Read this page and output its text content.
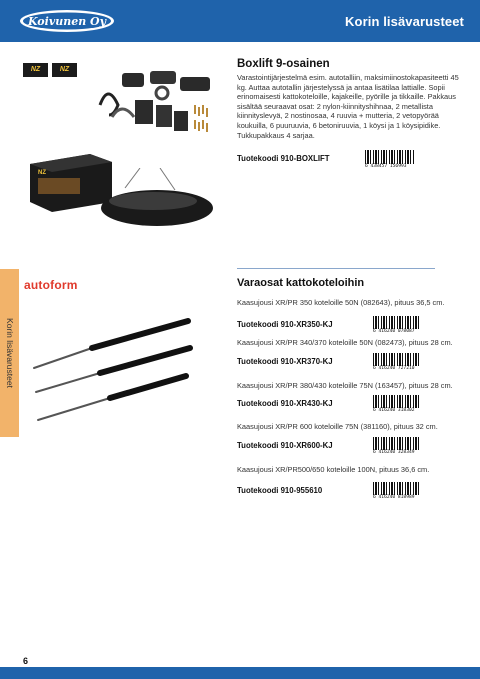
Koivunen Oy	Korin lisävarusteet
Korin lisävarusteet
NZ	NZ
NZ
Boxlift 9-osainen
Varastointijärjestelmä esim. autotalliin, maksimiinostokapasiteetti 45 kg. Auttaa autotallin järjestelyssä ja antaa lisätilaa lattialle. Sopii erinomaisesti kattokoteloille, kajakeille, pyörille ja tikkaille. Pakkaus sisältää seuraavat osat: 2 nylon-kiinnityshihnaa, 2 metallista kiinnityslevyä, 2 nostinosaa, 4 ruuvia + mutteria, 2 vetopyörää koukuilla, 6 puuruuvia, 6 betoniruuvia, 1 köysi ja 1 köysipidike. Tukkupakkaus 4 sarjaa.
Tuotekoodi 910-BOXLIFT
6 438457 156993
autoform	Varaosat kattokoteloihin
Kaasujousi XR/PR 350 koteloille 50N (082643), pituus 36,5 cm.
Tuotekoodi 910-XR350-KJ
6 416240 078087
Kaasujousi XR/PR 340/370 koteloille 50N (082473), pituus 28 cm.
Tuotekoodi 910-XR370-KJ
6 416240 727210
Kaasujousi XR/PR 380/430 koteloille 75N (163457), pituus 28 cm.
Tuotekoodi 910-XR430-KJ
6 416240 318302
Kaasujousi XR/PR 600 koteloille 75N (381160), pituus 32 cm.
Tuotekoodi 910-XR600-KJ
6 416240 328349
Kaasujousi XR/PR500/650 koteloille 100N, pituus 36,6 cm.
Tuotekoodi 910-955610
6 416240 818989
6
